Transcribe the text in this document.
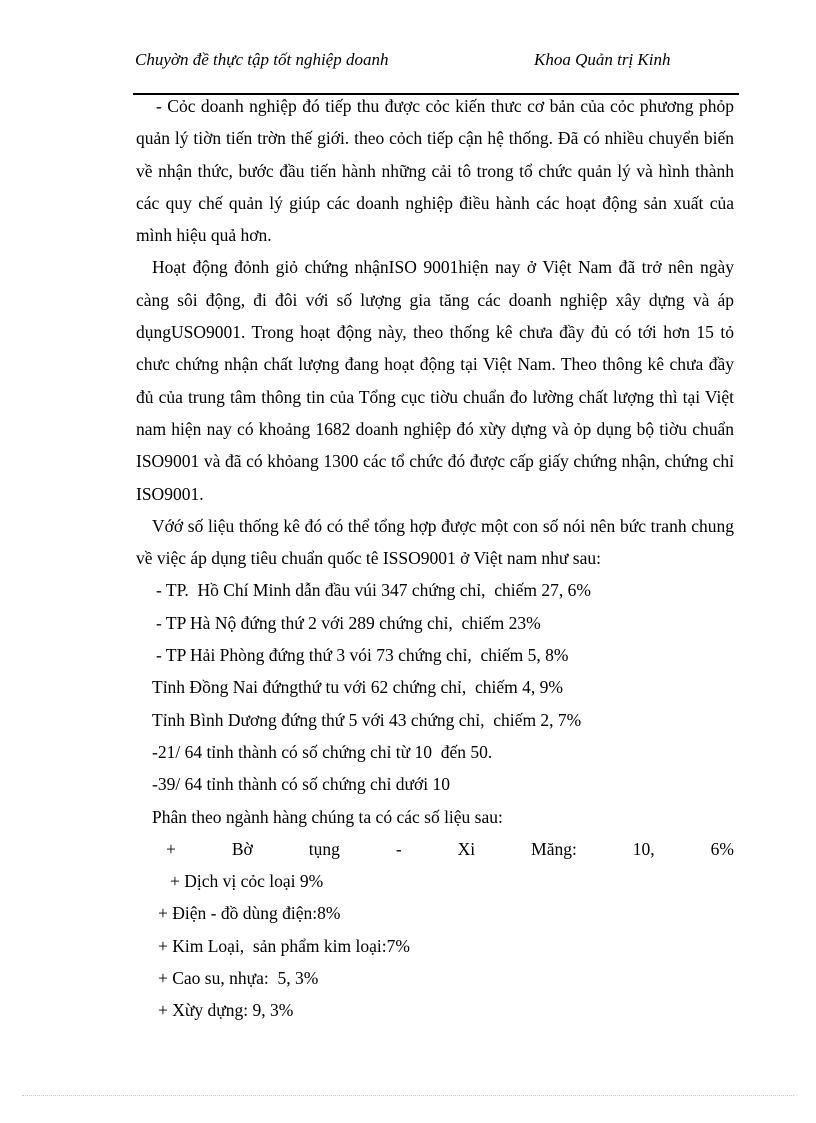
Chuyờn đề thực tập tốt nghiệp doanh	Khoa Quản trị Kinh

- Cỏc doanh nghiệp đó tiếp thu được cỏc kiến thưc cơ bản của cỏc phương phỏp quản lý tiờn tiến trờn thế giới. theo cỏch tiếp cận hệ thống. Đã có nhiều chuyển biến về nhận thức, bước đầu tiến hành những cải tô trong tổ chức quản lý và hình thành các quy chế quản lý giúp các doanh nghiệp điều hành các hoạt động sản xuất của mình hiệu quả hơn.

Hoạt động đỏnh giỏ chứng nhậnISO 9001hiện nay ở Việt Nam đã trở nên ngày càng sôi động, đi đôi với số lượng gia tăng các doanh nghiệp xây dựng và áp dụngUSO9001. Trong hoạt động này, theo thống kê chưa đầy đủ có tới hơn 15 tỏ chưc chứng nhận chất lượng đang hoạt động tại Việt Nam. Theo thông kê chưa đầy đủ của trung tâm thông tin của Tổng cục tiờu chuẩn đo lường chất lượng thì tại Việt nam hiện nay có khoảng 1682 doanh nghiệp đó xừy dựng và ỏp dụng bộ tiờu chuẩn ISO9001 và đã có khỏang 1300 các tổ chức đó được cấp giấy chứng nhận, chứng chỉ ISO9001.

Vớớ số liệu thống kê đó có thể tổng hợp được một con số nói nên bức tranh chung về việc áp dụng tiêu chuẩn quốc tê ISSO9001 ở Việt nam như sau:

- TP.  Hồ Chí Minh dẫn đầu vúi 347 chứng chỉ,  chiếm 27, 6%

- TP Hà Nộ đứng thứ 2 với 289 chứng chỉ,  chiếm 23%

- TP Hải Phòng đứng thứ 3 vói 73 chứng chỉ,  chiếm 5, 8%

Tỉnh Đồng Nai đứngthứ tu với 62 chứng chỉ,  chiếm 4, 9%

Tỉnh Bình Dương đứng thứ 5 với 43 chứng chỉ,  chiếm 2, 7%

-21/ 64 tỉnh thành có số chứng chỉ từ 10  đến 50.

-39/ 64 tỉnh thành có số chứng chỉ dưới 10

Phân theo ngành hàng chúng ta có các số liệu sau:

+ Bờ tụng - Xi Măng: 10, 6%

+ Dịch vị cỏc loại 9%

+ Điện - đồ dùng điện:8%

+ Kim Loại,  sản phẩm kim loại:7%

+ Cao su, nhựa:  5, 3%

+ Xừy dựng: 9, 3%
